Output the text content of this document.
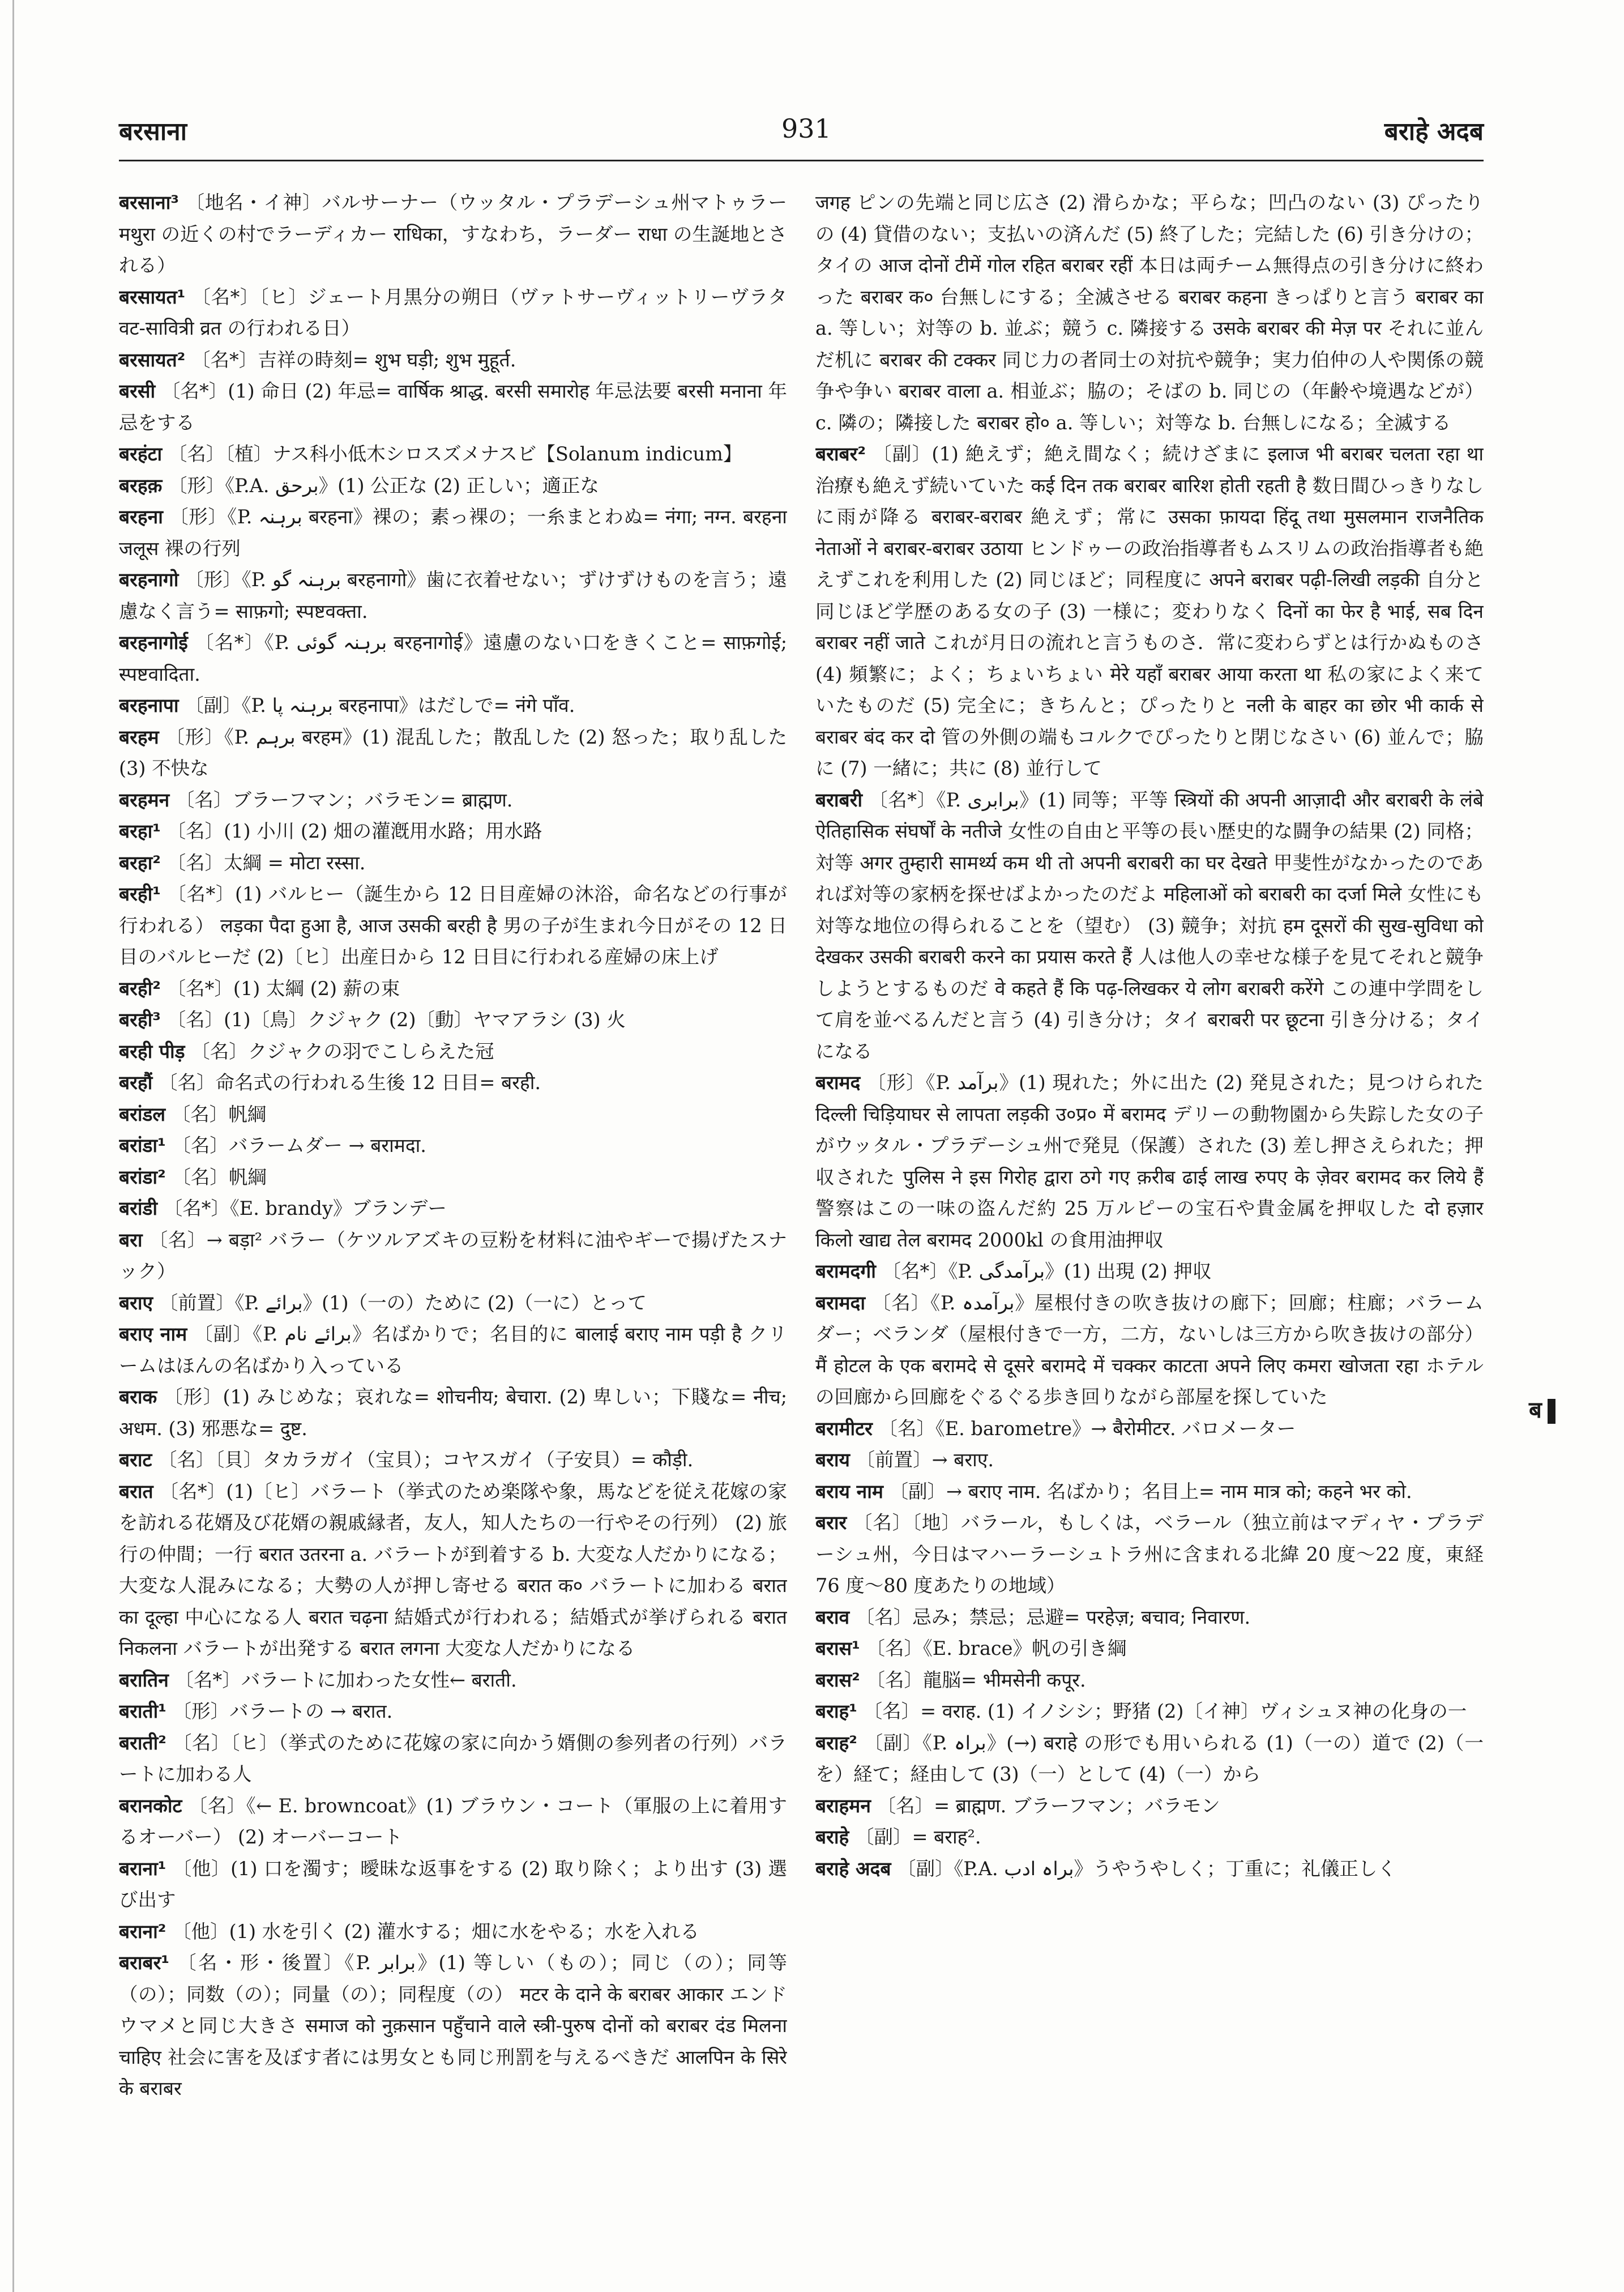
बरसाना	931	बराहे अदब

बरसाना³ 〔地名・イ神〕バルサーナー（ウッタル・プラデーシュ州マトゥラー मथुरा の近くの村でラーディカー राधिका，すなわち，ラーダー राधा の生誕地とされる）

बरसायत¹ 〔名*〕〔ヒ〕ジェート月黒分の朔日（ヴァトサーヴィットリーヴラタ वट-सावित्री व्रत の行われる日）

बरसायत² 〔名*〕吉祥の時刻= शुभ घड़ी; शुभ मुहूर्त.

बरसी 〔名*〕(1) 命日 (2) 年忌= वार्षिक श्राद्ध. बरसी समारोह 年忌法要 बरसी मनाना 年忌をする

बरहंटा 〔名〕〔植〕ナス科小低木シロスズメナスビ【Solanum indicum】

बरहक़ 〔形〕《P.A. برحق》(1) 公正な (2) 正しい；適正な

बरहना 〔形〕《P. برہنہ बरहना》裸の；素っ裸の；一糸まとわぬ= नंगा; नग्न. बरहना जलूस 裸の行列

बरहनागो 〔形〕《P. برہنہ گو बरहनागो》歯に衣着せない；ずけずけものを言う；遠慮なく言う= साफ़गो; स्पष्टवक्ता.

बरहनागोई 〔名*〕《P. برہنہ گوئی बरहनागोई》遠慮のない口をきくこと= साफ़गोई; स्पष्टवादिता.

बरहनापा 〔副〕《P. برہنہ پا बरहनापा》はだしで= नंगे पाँव.

बरहम 〔形〕《P. برہم बरहम》(1) 混乱した；散乱した (2) 怒った；取り乱した (3) 不快な

बरहमन 〔名〕ブラーフマン；バラモン= ब्राह्मण.

बरहा¹ 〔名〕(1) 小川 (2) 畑の灌漑用水路；用水路

बरहा² 〔名〕太綱 = मोटा रस्सा.

बरही¹ 〔名*〕(1) バルヒー（誕生から 12 日目産婦の沐浴，命名などの行事が行われる） लड़का पैदा हुआ है, आज उसकी बरही है 男の子が生まれ今日がその 12 日目のバルヒーだ (2)〔ヒ〕出産日から 12 日目に行われる産婦の床上げ

बरही² 〔名*〕(1) 太綱 (2) 薪の束

बरही³ 〔名〕(1)〔鳥〕クジャク (2)〔動〕ヤマアラシ (3) 火

बरही पीड़ 〔名〕クジャクの羽でこしらえた冠

बरहौं 〔名〕命名式の行われる生後 12 日目= बरही.

बरांडल 〔名〕帆綱

बरांडा¹ 〔名〕バラームダー → बरामदा.

बरांडा² 〔名〕帆綱

बरांडी 〔名*〕《E. brandy》ブランデー

बरा 〔名〕→ बड़ा² バラー（ケツルアズキの豆粉を材料に油やギーで揚げたスナック）

बराए 〔前置〕《P. برائے》(1)（一の）ために (2)（一に）とって

बराए नाम 〔副〕《P. برائے نام》名ばかりで；名目的に बालाई बराए नाम पड़ी है クリームはほんの名ばかり入っている

बराक 〔形〕(1) みじめな；哀れな= शोचनीय; बेचारा. (2) 卑しい；下賤な= नीच; अधम. (3) 邪悪な= दुष्ट.

बराट 〔名〕〔貝〕タカラガイ（宝貝）；コヤスガイ（子安貝）= कौड़ी.

बरात 〔名*〕(1)〔ヒ〕バラート（挙式のため楽隊や象，馬などを従え花嫁の家を訪れる花婿及び花婿の親戚縁者，友人，知人たちの一行やその行列） (2) 旅行の仲間；一行 बरात उतरना a. バラートが到着する b. 大変な人だかりになる；大変な人混みになる；大勢の人が押し寄せる बरात क० バラートに加わる बरात का दूल्हा 中心になる人 बरात चढ़ना 結婚式が行われる；結婚式が挙げられる बरात निकलना バラートが出発する बरात लगना 大変な人だかりになる

बरातिन 〔名*〕バラートに加わった女性← बराती.

बराती¹ 〔形〕バラートの → बरात.

बराती² 〔名〕〔ヒ〕（挙式のために花嫁の家に向かう婿側の参列者の行列）バラートに加わる人

बरानकोट 〔名〕《← E. browncoat》(1) ブラウン・コート（軍服の上に着用するオーバー） (2) オーバーコート

बराना¹ 〔他〕(1) 口を濁す；曖昧な返事をする (2) 取り除く；より出す (3) 選び出す

बराना² 〔他〕(1) 水を引く (2) 灌水する；畑に水をやる；水を入れる

बराबर¹ 〔名・形・後置〕《P. برابر》(1) 等しい（もの）；同じ（の）；同等（の）；同数（の）；同量（の）；同程度（の） मटर के दाने के बराबर आकार エンドウマメと同じ大きさ समाज को नुक़सान पहुँचाने वाले स्त्री-पुरुष दोनों को बराबर दंड मिलना चाहिए 社会に害を及ぼす者には男女とも同じ刑罰を与えるべきだ आलपिन के सिरे के बराबर

जगह ピンの先端と同じ広さ (2) 滑らかな；平らな；凹凸のない (3) ぴったりの (4) 貸借のない；支払いの済んだ (5) 終了した；完結した (6) 引き分けの；タイの आज दोनों टीमें गोल रहित बराबर रहीं 本日は両チーム無得点の引き分けに終わった बराबर क० 台無しにする；全滅させる बराबर कहना きっぱりと言う बराबर का a. 等しい；対等の b. 並ぶ；競う c. 隣接する उसके बराबर की मेज़ पर それに並んだ机に बराबर की टक्कर 同じ力の者同士の対抗や競争；実力伯仲の人や関係の競争や争い बराबर वाला a. 相並ぶ；脇の；そばの b. 同じの（年齢や境遇などが） c. 隣の；隣接した बराबर हो० a. 等しい；対等な b. 台無しになる；全滅する

बराबर² 〔副〕(1) 絶えず；絶え間なく；続けざまに इलाज भी बराबर चलता रहा था 治療も絶えず続いていた कई दिन तक बराबर बारिश होती रहती है 数日間ひっきりなしに雨が降る बराबर-बराबर 絶えず；常に उसका फ़ायदा हिंदू तथा मुसलमान राजनैतिक नेताओं ने बराबर-बराबर उठाया ヒンドゥーの政治指導者もムスリムの政治指導者も絶えずこれを利用した (2) 同じほど；同程度に अपने बराबर पढ़ी-लिखी लड़की 自分と同じほど学歴のある女の子 (3) 一様に；変わりなく दिनों का फेर है भाई, सब दिन बराबर नहीं जाते これが月日の流れと言うものさ．常に変わらずとは行かぬものさ (4) 頻繁に；よく；ちょいちょい मेरे यहाँ बराबर आया करता था 私の家によく来ていたものだ (5) 完全に；きちんと；ぴったりと नली के बाहर का छोर भी कार्क से बराबर बंद कर दो 管の外側の端もコルクでぴったりと閉じなさい (6) 並んで；脇に (7) 一緒に；共に (8) 並行して

बराबरी 〔名*〕《P. برابری》(1) 同等；平等 स्त्रियों की अपनी आज़ादी और बराबरी के लंबे ऐतिहासिक संघर्षों के नतीजे 女性の自由と平等の長い歴史的な闘争の結果 (2) 同格；対等 अगर तुम्हारी सामर्थ्य कम थी तो अपनी बराबरी का घर देखते 甲斐性がなかったのであれば対等の家柄を探せばよかったのだよ महिलाओं को बराबरी का दर्जा मिले 女性にも対等な地位の得られることを（望む） (3) 競争；対抗 हम दूसरों की सुख-सुविधा को देखकर उसकी बराबरी करने का प्रयास करते हैं 人は他人の幸せな様子を見てそれと競争しようとするものだ वे कहते हैं कि पढ़-लिखकर ये लोग बराबरी करेंगे この連中学問をして肩を並べるんだと言う (4) 引き分け；タイ बराबरी पर छूटना 引き分ける；タイになる

बरामद 〔形〕《P. برآمد》(1) 現れた；外に出た (2) 発見された；見つけられた दिल्ली चिड़ियाघर से लापता लड़की उ०प्र० में बरामद デリーの動物園から失踪した女の子がウッタル・プラデーシュ州で発見（保護）された (3) 差し押さえられた；押収された पुलिस ने इस गिरोह द्वारा ठगे गए क़रीब ढाई लाख रुपए के ज़ेवर बरामद कर लिये हैं 警察はこの一味の盗んだ約 25 万ルピーの宝石や貴金属を押収した दो हज़ार किलो खाद्य तेल बरामद 2000kl の食用油押収

बरामदगी 〔名*〕《P. برآمدگی》(1) 出現 (2) 押収

बरामदा 〔名〕《P. برآمدہ》屋根付きの吹き抜けの廊下；回廊；柱廊；バラームダー；ベランダ（屋根付きで一方，二方，ないしは三方から吹き抜けの部分） मैं होटल के एक बरामदे से दूसरे बरामदे में चक्कर काटता अपने लिए कमरा खोजता रहा ホテルの回廊から回廊をぐるぐる歩き回りながら部屋を探していた

बरामीटर 〔名〕《E. barometre》→ बैरोमीटर. バロメーター

बराय 〔前置〕→ बराए.

बराय नाम 〔副〕→ बराए नाम. 名ばかり；名目上= नाम मात्र को; कहने भर को.

बरार 〔名〕〔地〕バラール，もしくは，ベラール（独立前はマディヤ・プラデーシュ州，今日はマハーラーシュトラ州に含まれる北緯 20 度〜22 度，東経 76 度〜80 度あたりの地域）

बराव 〔名〕忌み；禁忌；忌避= परहेज़; बचाव; निवारण.

बरास¹ 〔名〕《E. brace》帆の引き綱

बरास² 〔名〕龍脳= भीमसेनी कपूर.

बराह¹ 〔名〕= वराह. (1) イノシシ；野猪 (2)〔イ神〕ヴィシュヌ神の化身の一

बराह² 〔副〕《P. براہ》(→) बराहे の形でも用いられる (1)（一の）道で (2)（一を）経て；経由して (3)（一）として (4)（一）から

बराहमन 〔名〕= ब्राह्मण. ブラーフマン；バラモン

बराहे 〔副〕= बराह².

बराहे अदब 〔副〕《P.A. براہ ادب》うやうやしく；丁重に；礼儀正しく

ब
